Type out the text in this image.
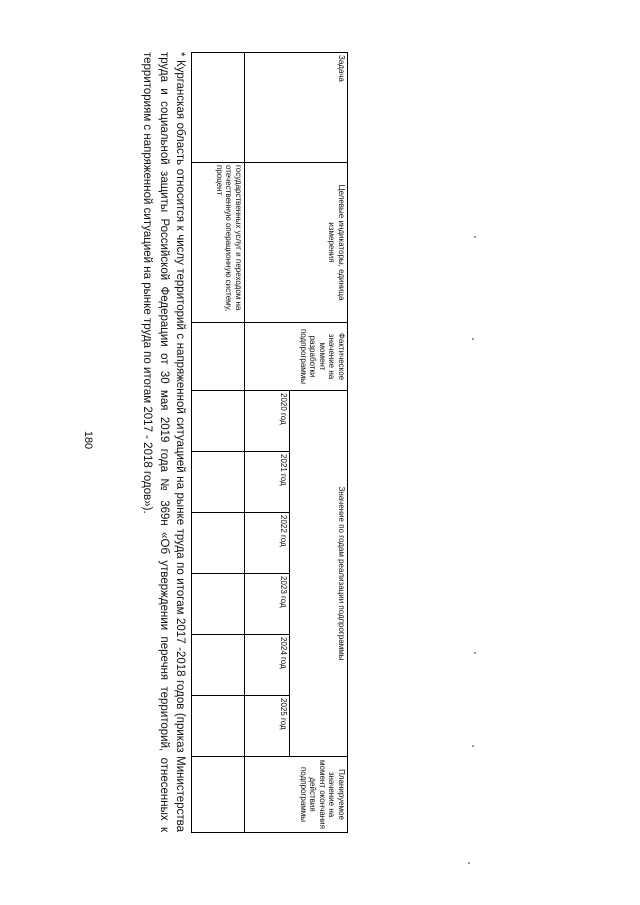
180
Задача	Целевые индикаторы, единица измерения	Фактическое значение на момент разработки подпрограммы	Значение по годам реализации подпрограммы						Планируемое значение на момент окончания действия подпрограммы
			2020 год	2021 год	2022 год	2023 год	2024 год	2025 год	
	государственных услуг и переходом на отечественную операционную систему, процент								
* Курганская область относится к числу территорий с напряженной ситуацией на рынке труда по итогам 2017 -2018 годов (приказ Министерства труда и социальной защиты Российской Федерации от 30 мая 2019 года № 369н «Об утверждении перечня территорий, отнесенных к территориям с напряженной ситуацией на рынке труда по итогам 2017 - 2018 годов»).
